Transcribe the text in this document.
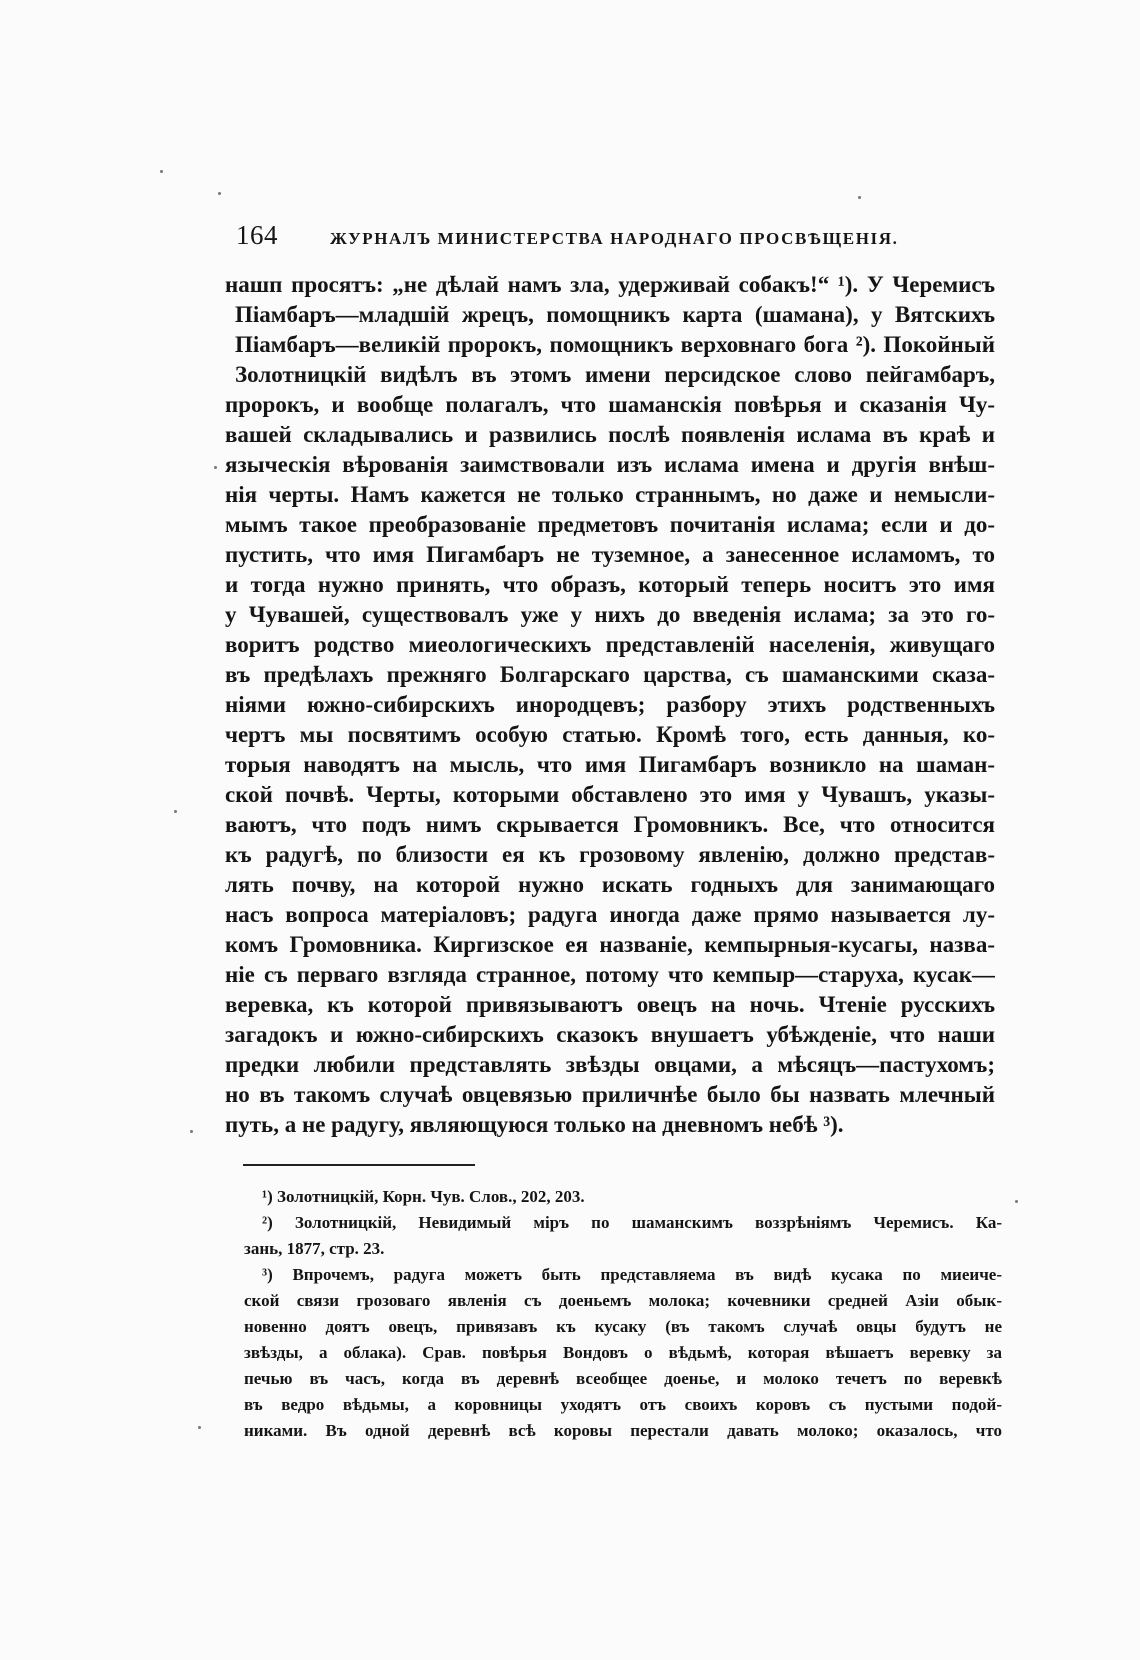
164	ЖУРНАЛЪ МИНИСТЕРСТВА НАРОДНАГО ПРОСВѢЩЕНІЯ.
нашп просятъ: „не дѣлай намъ зла, удерживай собакъ!“ ¹). У Черемисъ
Пiамбаръ—младшій жрецъ, помощникъ карта (шамана), у Вятскихъ
Піамбаръ—великій пророкъ, помощникъ верховнаго бога ²). Покойный
Золотницкій видѣлъ въ этомъ имени персидское слово пейгамбаръ,
пророкъ, и вообще полагалъ, что шаманскія повѣрья и сказанія Чу-
вашей складывались и развились послѣ появленія ислама въ краѣ и
языческія вѣрованія заимствовали изъ ислама имена и другія внѣш-
нія черты. Намъ кажется не только страннымъ, но даже и немысли-
мымъ такое преобразованіе предметовъ почитанія ислама; если и до-
пустить, что имя Пигамбаръ не туземное, а занесенное исламомъ, то
и тогда нужно принять, что образъ, который теперь носитъ это имя
у Чувашей, существовалъ уже у нихъ до введенія ислама; за это го-
воритъ родство миеологическихъ представленій населенія, живущаго
въ предѣлахъ прежняго Болгарскаго царства, съ шаманскими сказа-
ніями южно-сибирскихъ инородцевъ; разбору этихъ родственныхъ
чертъ мы посвятимъ особую статью. Кромѣ того, есть данныя, ко-
торыя наводятъ на мысль, что имя Пигамбаръ возникло на шаман-
ской почвѣ. Черты, которыми обставлено это имя у Чувашъ, указы-
ваютъ, что подъ нимъ скрывается Громовникъ. Все, что относится
къ радугѣ, по близости ея къ грозовому явленію, должно представ-
лять почву, на которой нужно искать годныхъ для занимающаго
насъ вопроса матеріаловъ; радуга иногда даже прямо называется лу-
комъ Громовника. Киргизское ея названіе, кемпырныя-кусагы, назва-
ніе съ перваго взгляда странное, потому что кемпыр—старуха, кусак—
веревка, къ которой привязываютъ овецъ на ночь. Чтеніе русскихъ
загадокъ и южно-сибирскихъ сказокъ внушаетъ убѣжденіе, что наши
предки любили представлять звѣзды овцами, а мѣсяцъ—пастухомъ;
но въ такомъ случаѣ овцевязью приличнѣе было бы назвать млечный
путь, а не радугу, являющуюся только на дневномъ небѣ ³).
¹) Золотницкій, Корн. Чув. Слов., 202, 203.
²) Золотницкій, Невидимый міръ по шаманскимъ воззрѣніямъ Черемисъ. Ка-
зань, 1877, стр. 23.
³) Впрочемъ, радуга можетъ быть представляема въ видѣ кусака по миеиче-
ской связи грозоваго явленія съ доеньемъ молока; кочевники средней Азіи обык-
новенно доятъ овецъ, привязавъ къ кусаку (въ такомъ случаѣ овцы будутъ не
звѣзды, а облака). Срав. повѣрья Вондовъ о вѣдьмѣ, которая вѣшаетъ веревку за
печью въ часъ, когда въ деревнѣ всеобщее доенье, и молоко течетъ по веревкѣ
въ ведро вѣдьмы, а коровницы уходятъ отъ своихъ коровъ съ пустыми подой-
никами. Въ одной деревнѣ всѣ коровы перестали давать молоко; оказалось, что
